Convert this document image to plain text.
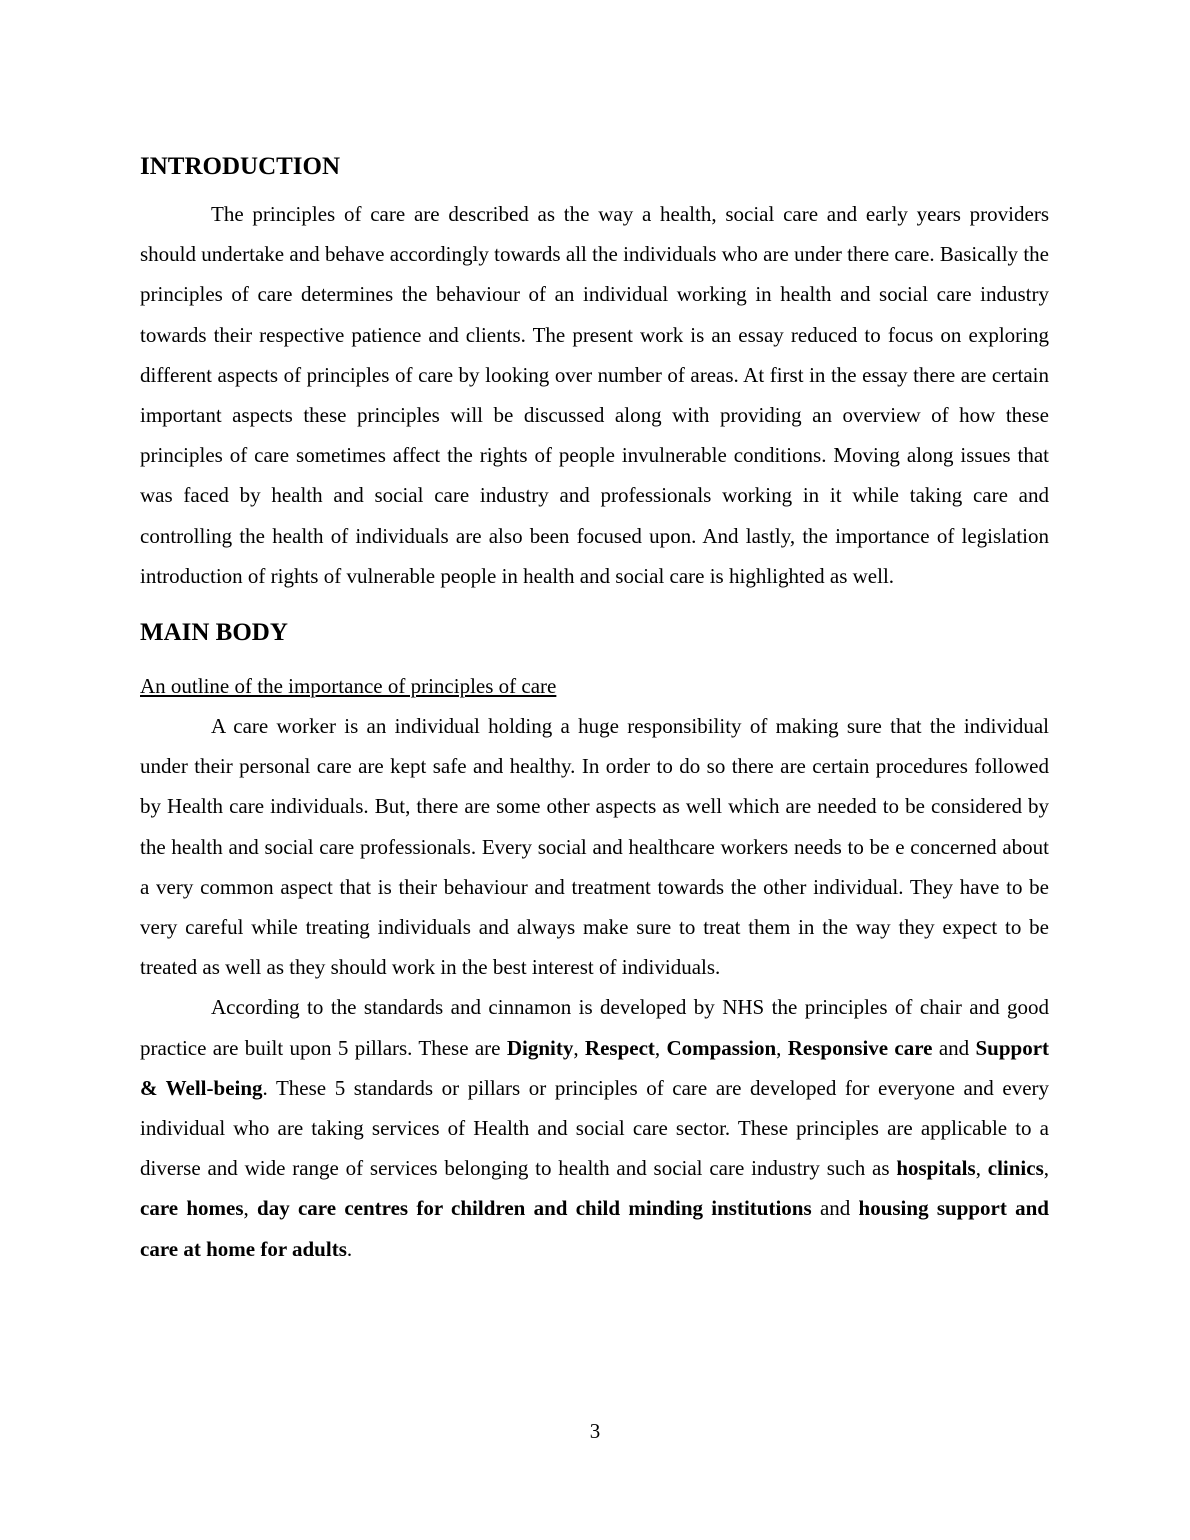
INTRODUCTION

The principles of care are described as the way a health, social care and early years providers should undertake and behave accordingly towards all the individuals who are under there care. Basically the principles of care determines the behaviour of an individual working in health and social care industry towards their respective patience and clients. The present work is an essay reduced to focus on exploring different aspects of principles of care by looking over number of areas. At first in the essay there are certain important aspects these principles will be discussed along with providing an overview of how these principles of care sometimes affect the rights of people invulnerable conditions. Moving along issues that was faced by health and social care industry and professionals working in it while taking care and controlling the health of individuals are also been focused upon. And lastly, the importance of legislation introduction of rights of vulnerable people in health and social care is highlighted as well.

MAIN BODY
An outline of the importance of principles of care

A care worker is an individual holding a huge responsibility of making sure that the individual under their personal care are kept safe and healthy. In order to do so there are certain procedures followed by Health care individuals. But, there are some other aspects as well which are needed to be considered by the health and social care professionals. Every social and healthcare workers needs to be e concerned about a very common aspect that is their behaviour and treatment towards the other individual. They have to be very careful while treating individuals and always make sure to treat them in the way they expect to be treated as well as they should work in the best interest of individuals.

According to the standards and cinnamon is developed by NHS the principles of chair and good practice are built upon 5 pillars. These are Dignity, Respect, Compassion, Responsive care and Support & Well-being. These 5 standards or pillars or principles of care are developed for everyone and every individual who are taking services of Health and social care sector. These principles are applicable to a diverse and wide range of services belonging to health and social care industry such as hospitals, clinics, care homes, day care centres for children and child minding institutions and housing support and care at home for adults.

3
